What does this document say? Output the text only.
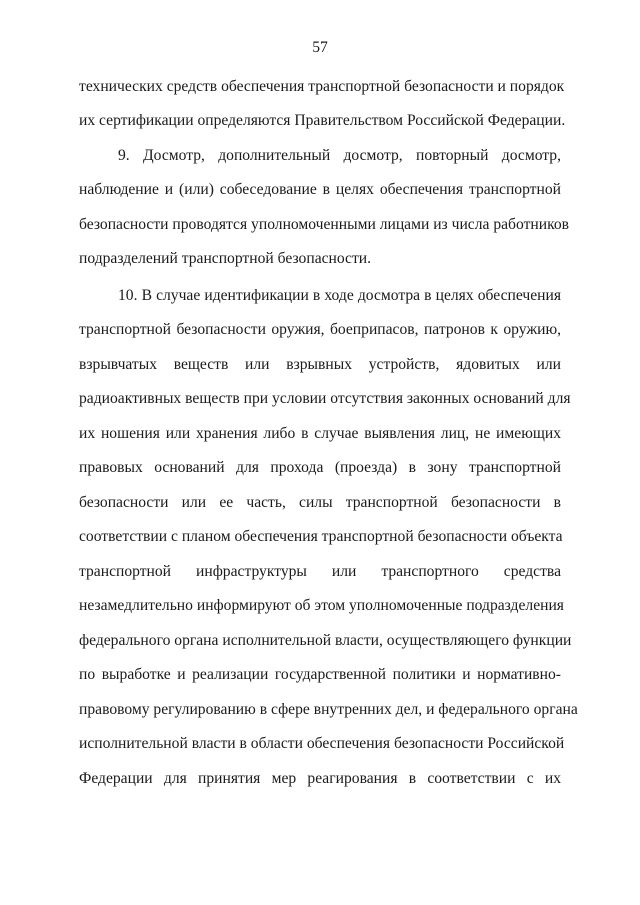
57
технических средств обеспечения транспортной безопасности и порядок
их сертификации определяются Правительством Российской Федерации.
9. Досмотр, дополнительный досмотр, повторный досмотр,
наблюдение и (или) собеседование в целях обеспечения транспортной
безопасности проводятся уполномоченными лицами из числа работников
подразделений транспортной безопасности.
10. В случае идентификации в ходе досмотра в целях обеспечения
транспортной безопасности оружия, боеприпасов, патронов к оружию,
взрывчатых веществ или взрывных устройств, ядовитых или
радиоактивных веществ при условии отсутствия законных оснований для
их ношения или хранения либо в случае выявления лиц, не имеющих
правовых оснований для прохода (проезда) в зону транспортной
безопасности или ее часть, силы транспортной безопасности в
соответствии с планом обеспечения транспортной безопасности объекта
транспортной инфраструктуры или транспортного средства
незамедлительно информируют об этом уполномоченные подразделения
федерального органа исполнительной власти, осуществляющего функции
по выработке и реализации государственной политики и нормативно-
правовому регулированию в сфере внутренних дел, и федерального органа
исполнительной власти в области обеспечения безопасности Российской
Федерации для принятия мер реагирования в соответствии с их
